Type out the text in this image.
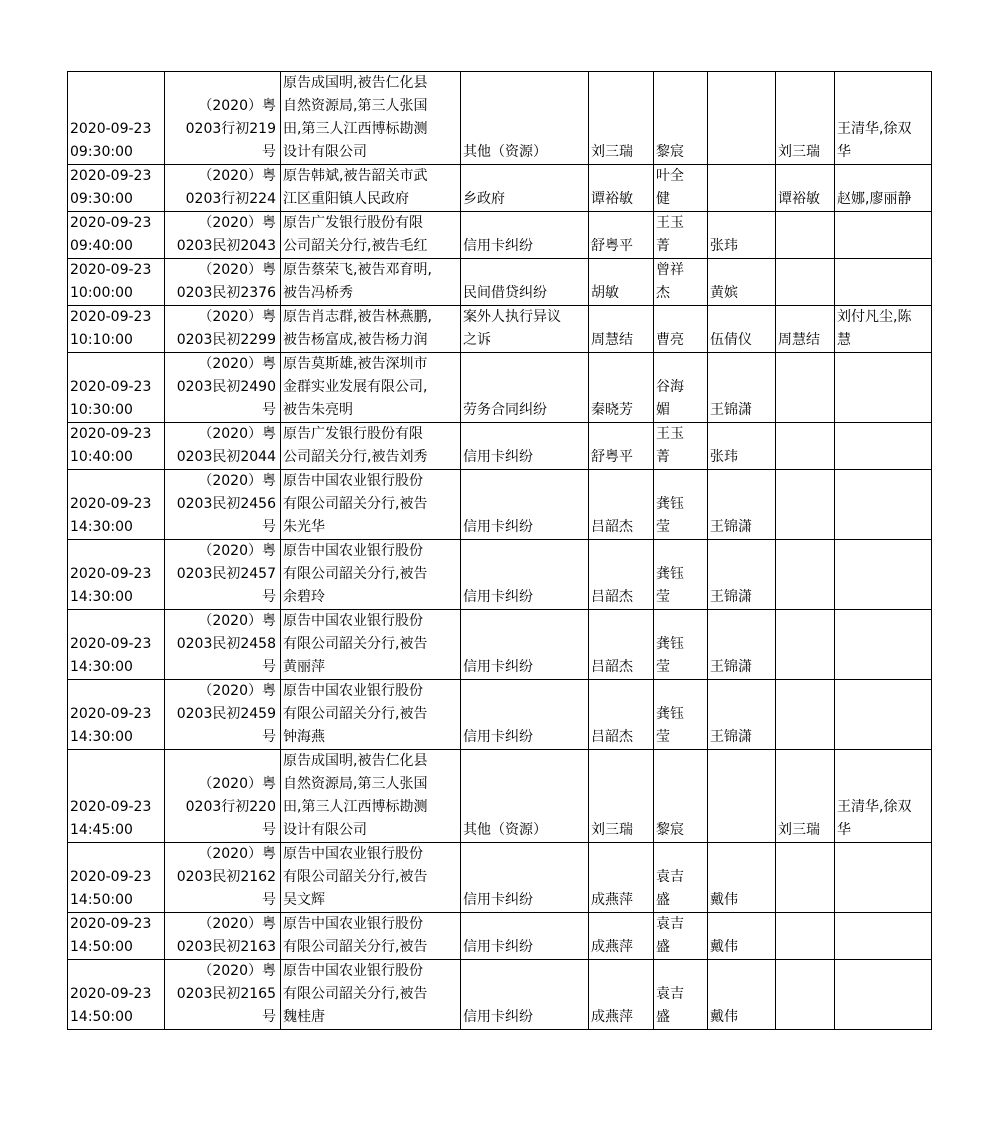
2020-09-23
09:30:00	（2020）粤
0203行初219
号	原告成国明,被告仁化县
自然资源局,第三人张国
田,第三人江西博标勘测
设计有限公司	其他（资源）	刘三瑞	黎宸		刘三瑞	王清华,徐双
华
2020-09-23
09:30:00	（2020）粤
0203行初224	原告韩斌,被告韶关市武
江区重阳镇人民政府	乡政府	谭裕敏	叶全
健		谭裕敏	赵娜,廖丽静
2020-09-23
09:40:00	（2020）粤
0203民初2043	原告广发银行股份有限
公司韶关分行,被告毛红	信用卡纠纷	舒粤平	王玉
菁	张玮		
2020-09-23
10:00:00	（2020）粤
0203民初2376	原告蔡荣飞,被告邓育明,
被告冯桥秀	民间借贷纠纷	胡敏	曾祥
杰	黄嫔		
2020-09-23
10:10:00	（2020）粤
0203民初2299	原告肖志群,被告林燕鹏,
被告杨富成,被告杨力润	案外人执行异议
之诉	周慧结	曹亮	伍倩仪	周慧结	刘付凡尘,陈
慧
2020-09-23
10:30:00	（2020）粤
0203民初2490
号	原告莫斯雄,被告深圳市
金群实业发展有限公司,
被告朱亮明	劳务合同纠纷	秦晓芳	谷海
媚	王锦潇		
2020-09-23
10:40:00	（2020）粤
0203民初2044	原告广发银行股份有限
公司韶关分行,被告刘秀	信用卡纠纷	舒粤平	王玉
菁	张玮		
2020-09-23
14:30:00	（2020）粤
0203民初2456
号	原告中国农业银行股份
有限公司韶关分行,被告
朱光华	信用卡纠纷	吕韶杰	龚钰
莹	王锦潇		
2020-09-23
14:30:00	（2020）粤
0203民初2457
号	原告中国农业银行股份
有限公司韶关分行,被告
余碧玲	信用卡纠纷	吕韶杰	龚钰
莹	王锦潇		
2020-09-23
14:30:00	（2020）粤
0203民初2458
号	原告中国农业银行股份
有限公司韶关分行,被告
黄丽萍	信用卡纠纷	吕韶杰	龚钰
莹	王锦潇		
2020-09-23
14:30:00	（2020）粤
0203民初2459
号	原告中国农业银行股份
有限公司韶关分行,被告
钟海燕	信用卡纠纷	吕韶杰	龚钰
莹	王锦潇		
2020-09-23
14:45:00	（2020）粤
0203行初220
号	原告成国明,被告仁化县
自然资源局,第三人张国
田,第三人江西博标勘测
设计有限公司	其他（资源）	刘三瑞	黎宸		刘三瑞	王清华,徐双
华
2020-09-23
14:50:00	（2020）粤
0203民初2162
号	原告中国农业银行股份
有限公司韶关分行,被告
吴文辉	信用卡纠纷	成燕萍	袁吉
盛	戴伟		
2020-09-23
14:50:00	（2020）粤
0203民初2163	原告中国农业银行股份
有限公司韶关分行,被告	信用卡纠纷	成燕萍	袁吉
盛	戴伟		
2020-09-23
14:50:00	（2020）粤
0203民初2165
号	原告中国农业银行股份
有限公司韶关分行,被告
魏桂唐	信用卡纠纷	成燕萍	袁吉
盛	戴伟		
